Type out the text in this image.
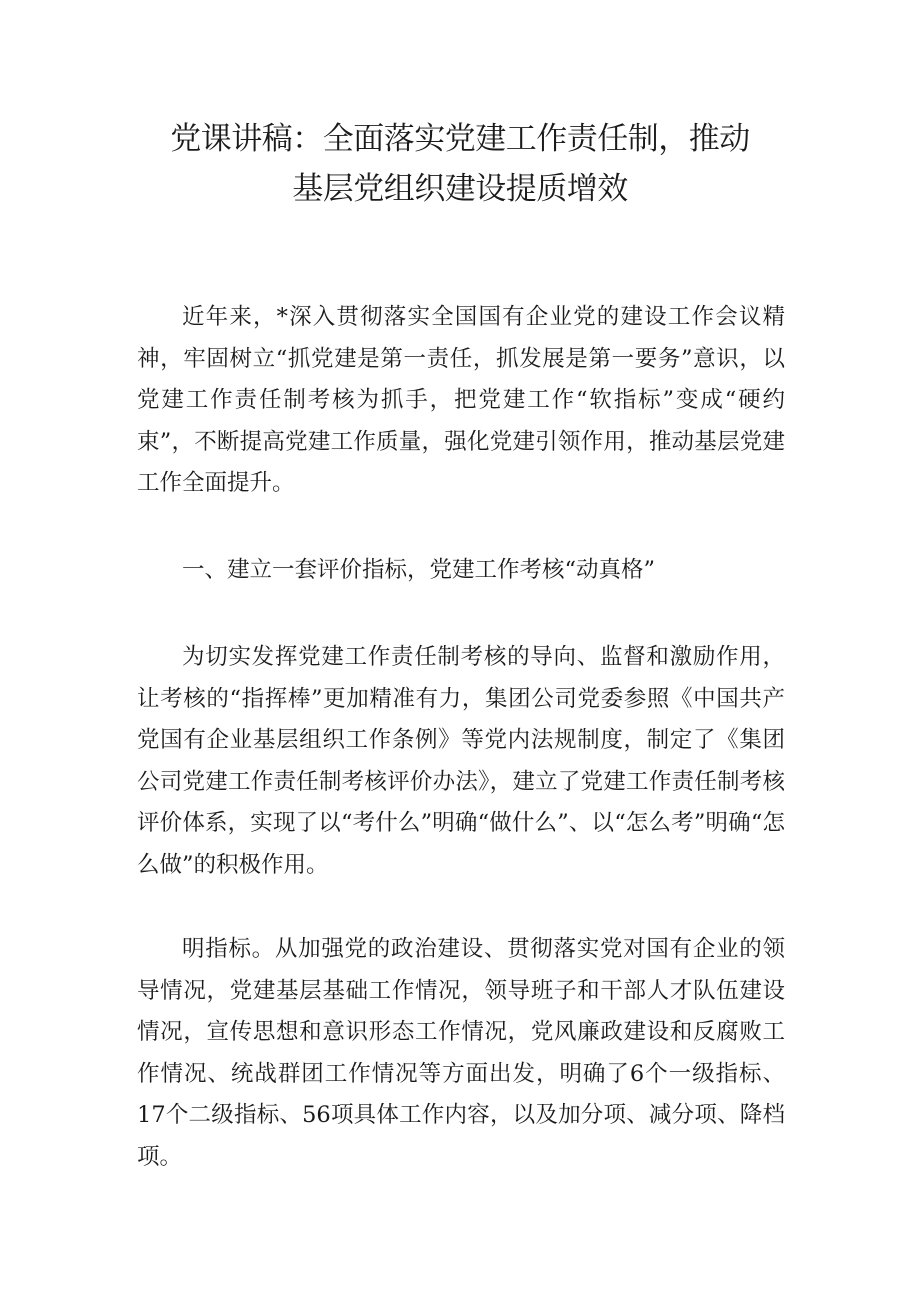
党课讲稿：全面落实党建工作责任制，推动
基层党组织建设提质增效

近年来，*深入贯彻落实全国国有企业党的建设工作会议精神，牢固树立“抓党建是第一责任，抓发展是第一要务”意识，以党建工作责任制考核为抓手，把党建工作“软指标”变成“硬约束”，不断提高党建工作质量，强化党建引领作用，推动基层党建工作全面提升。

一、建立一套评价指标，党建工作考核“动真格”

为切实发挥党建工作责任制考核的导向、监督和激励作用，让考核的“指挥棒”更加精准有力，集团公司党委参照《中国共产党国有企业基层组织工作条例》等党内法规制度，制定了《集团公司党建工作责任制考核评价办法》，建立了党建工作责任制考核评价体系，实现了以“考什么”明确“做什么”、以“怎么考”明确“怎么做”的积极作用。

明指标。从加强党的政治建设、贯彻落实党对国有企业的领导情况，党建基层基础工作情况，领导班子和干部人才队伍建设情况，宣传思想和意识形态工作情况，党风廉政建设和反腐败工作情况、统战群团工作情况等方面出发，明确了6个一级指标、17个二级指标、56项具体工作内容，以及加分项、减分项、降档项。
